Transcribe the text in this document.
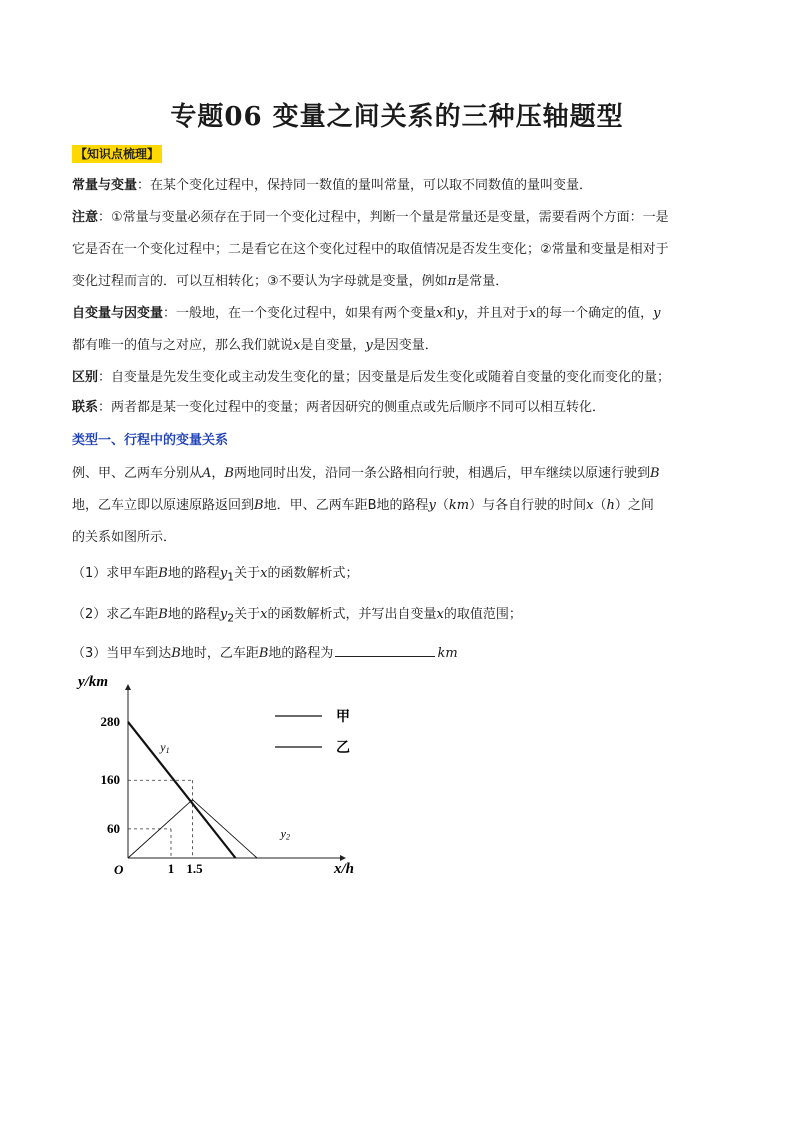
专题06 变量之间关系的三种压轴题型
【知识点梳理】
常量与变量：在某个变化过程中，保持同一数值的量叫常量，可以取不同数值的量叫变量．
注意：①常量与变量必须存在于同一个变化过程中，判断一个量是常量还是变量，需要看两个方面：一是
它是否在一个变化过程中；二是看它在这个变化过程中的取值情况是否发生变化；②常量和变量是相对于
变化过程而言的．可以互相转化；③不要认为字母就是变量，例如π是常量．
自变量与因变量：一般地，在一个变化过程中，如果有两个变量x和y，并且对于x的每一个确定的值，y
都有唯一的值与之对应，那么我们就说x是自变量，y是因变量．
区别：自变量是先发生变化或主动发生变化的量；因变量是后发生变化或随着自变量的变化而变化的量；
联系：两者都是某一变化过程中的变量；两者因研究的侧重点或先后顺序不同可以相互转化．
类型一、行程中的变量关系
例、甲、乙两车分别从A，B两地同时出发，沿同一条公路相向行驶，相遇后，甲车继续以原速行驶到B
地，乙车立即以原速原路返回到B地．甲、乙两车距B地的路程y（km）与各自行驶的时间x（h）之间
的关系如图所示．
（1）求甲车距B地的路程$y_1$关于x的函数解析式；
（2）求乙车距B地的路程$y_2$关于x的函数解析式，并写出自变量x的取值范围；
（3）当甲车到达B地时，乙车距B地的路程为	km
y/km
x/h
O
60
160
280
1 1.5
y1
y2
甲
乙
